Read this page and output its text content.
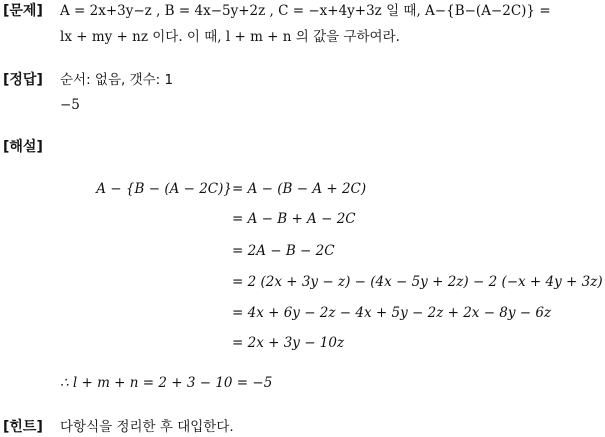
[문제] A = 2x+3y−z , B = 4x−5y+2z , C = −x+4y+3z 일 때, A−{B−(A−2C)} =
lx + my + nz 이다. 이 때, l + m + n 의 값을 구하여라.
[정답] 순서: 없음, 갯수: 1
−5
[해설]
A − {B − (A − 2C)} = A − (B − A + 2C)
= A − B + A − 2C
= 2A − B − 2C
= 2 (2x + 3y − z) − (4x − 5y + 2z) − 2 (−x + 4y + 3z)
= 4x + 6y − 2z − 4x + 5y − 2z + 2x − 8y − 6z
= 2x + 3y − 10z
∴ l + m + n = 2 + 3 − 10 = −5
[힌트] 다항식을 정리한 후 대입한다.
